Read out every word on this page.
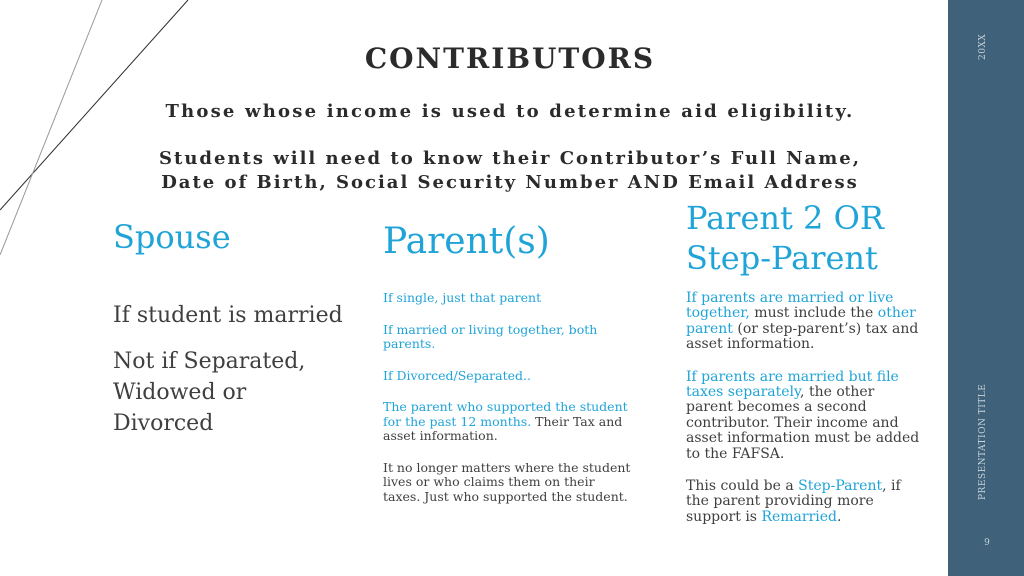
20XX
PRESENTATION TITLE
9
CONTRIBUTORS
Those whose income is used to determine aid eligibility.
Students will need to know their Contributor’s Full Name,
Date of Birth, Social Security Number AND Email Address
Spouse

If student is married

Not if Separated, Widowed or Divorced

Parent(s)

If single, just that parent

If married or living together, both parents.

If Divorced/Separated..

The parent who supported the student for the past 12 months. Their Tax and asset information.

It no longer matters where the student lives or who claims them on their taxes. Just who supported the student.

Parent 2 OR
Step-Parent

If parents are married or live together, must include the other parent (or step-parent’s) tax and asset information.

If parents are married but file taxes separately, the other parent becomes a second contributor. Their income and asset information must be added to the FAFSA.

This could be a Step-Parent, if the parent providing more support is Remarried.
